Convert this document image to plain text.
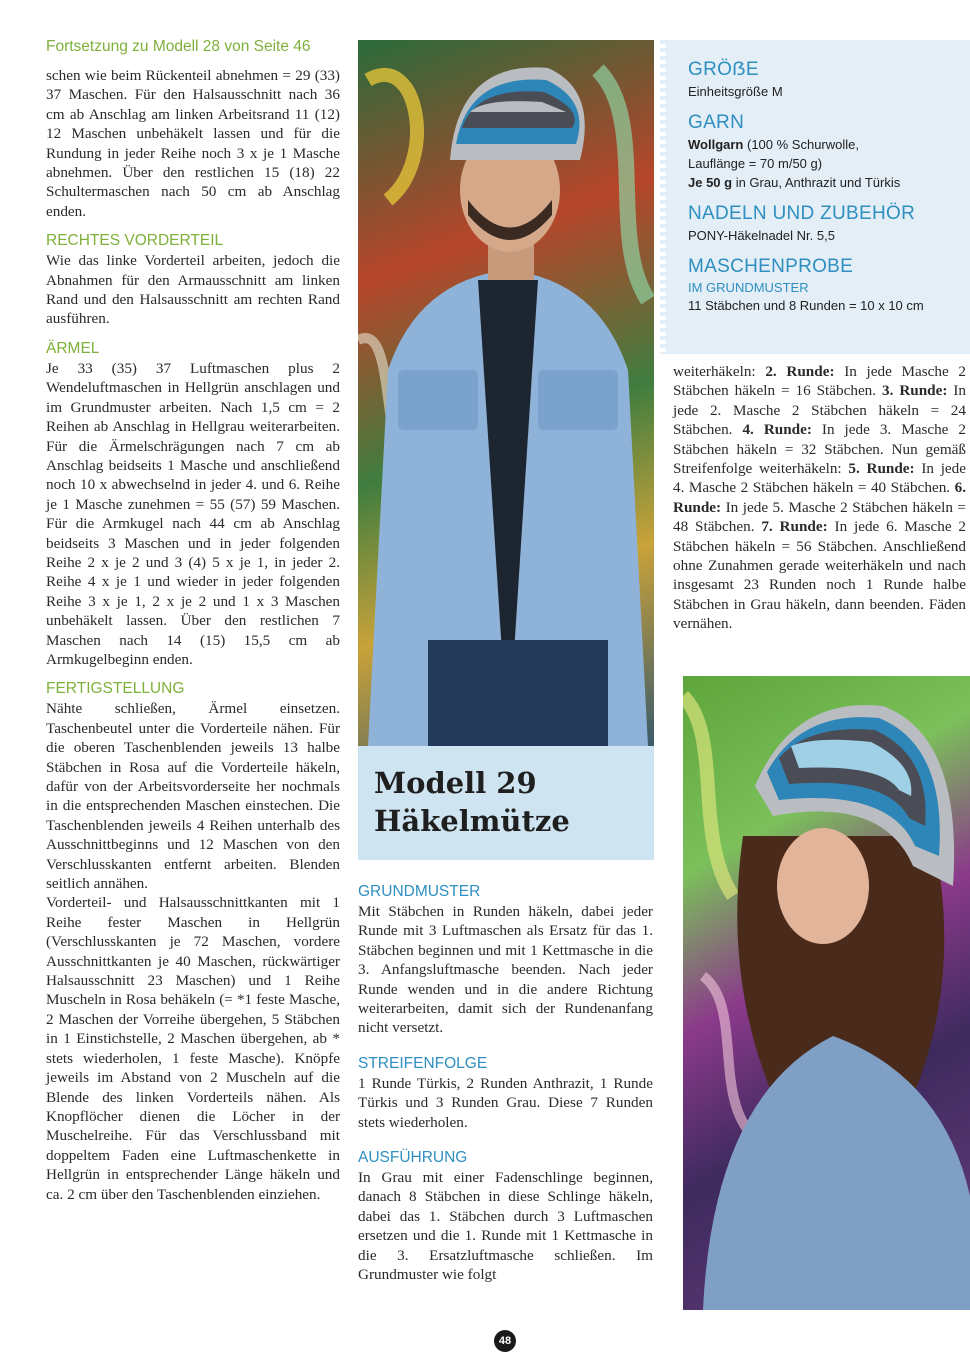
Fortsetzung zu Modell 28 von Seite 46

schen wie beim Rückenteil abnehmen = 29 (33) 37 Maschen. Für den Halsausschnitt nach 36 cm ab Anschlag am linken Arbeitsrand 11 (12) 12 Maschen unbehäkelt lassen und für die Rundung in jeder Reihe noch 3 x je 1 Masche abnehmen. Über den restlichen 15 (18) 22 Schultermaschen nach 50 cm ab Anschlag enden.

RECHTES VORDERTEIL

Wie das linke Vorderteil arbeiten, jedoch die Abnahmen für den Armausschnitt am linken Rand und den Halsausschnitt am rechten Rand ausführen.

ÄRMEL

Je 33 (35) 37 Luftmaschen plus 2 Wendeluftmaschen in Hellgrün anschlagen und im Grundmuster arbeiten. Nach 1,5 cm = 2 Reihen ab Anschlag in Hellgrau weiterarbeiten. Für die Ärmelschrägungen nach 7 cm ab Anschlag beidseits 1 Masche und anschließend noch 10 x abwechselnd in jeder 4. und 6. Reihe je 1 Masche zunehmen = 55 (57) 59 Maschen. Für die Armkugel nach 44 cm ab Anschlag beidseits 3 Maschen und in jeder folgenden Reihe 2 x je 2 und 3 (4) 5 x je 1, in jeder 2. Reihe 4 x je 1 und wieder in jeder folgenden Reihe 3 x je 1, 2 x je 2 und 1 x 3 Maschen unbehäkelt lassen. Über den restlichen 7 Maschen nach 14 (15) 15,5 cm ab Armkugelbeginn enden.

FERTIGSTELLUNG

Nähte schließen, Ärmel einsetzen. Taschenbeutel unter die Vorderteile nähen. Für die oberen Taschenblenden jeweils 13 halbe Stäbchen in Rosa auf die Vorderteile häkeln, dafür von der Arbeitsvorderseite her nochmals in die entsprechenden Maschen einstechen. Die Taschenblenden jeweils 4 Reihen unterhalb des Ausschnittbeginns und 12 Maschen von den Verschlusskanten entfernt arbeiten. Blenden seitlich annähen.

Vorderteil- und Halsausschnittkanten mit 1 Reihe fester Maschen in Hellgrün (Verschlusskanten je 72 Maschen, vordere Ausschnittkanten je 40 Maschen, rückwärtiger Halsausschnitt 23 Maschen) und 1 Reihe Muscheln in Rosa behäkeln (= *1 feste Masche, 2 Maschen der Vorreihe übergehen, 5 Stäbchen in 1 Einstichstelle, 2 Maschen übergehen, ab * stets wiederholen, 1 feste Masche). Knöpfe jeweils im Abstand von 2 Muscheln auf die Blende des linken Vorderteils nähen. Als Knopflöcher dienen die Löcher in der Muschelreihe. Für das Verschlussband mit doppeltem Faden eine Luftmaschenkette in Hellgrün in entsprechender Länge häkeln und ca. 2 cm über den Taschenblenden einziehen.

Modell 29
Häkelmütze

GRÖẞE

Einheitsgröße M

GARN

Wollgarn (100 % Schurwolle,

Lauflänge = 70 m/50 g)

Je 50 g in Grau, Anthrazit und Türkis

NADELN UND ZUBEHÖR

PONY-Häkelnadel Nr. 5,5

MASCHENPROBE

IM GRUNDMUSTER

11 Stäbchen und 8 Runden = 10 x 10 cm

GRUNDMUSTER

Mit Stäbchen in Runden häkeln, dabei jeder Runde mit 3 Luftmaschen als Ersatz für das 1. Stäbchen beginnen und mit 1 Kettmasche in die 3. Anfangsluftmasche beenden. Nach jeder Runde wenden und in die andere Richtung weiterarbeiten, damit sich der Rundenanfang nicht versetzt.

STREIFENFOLGE

1 Runde Türkis, 2 Runden Anthrazit, 1 Runde Türkis und 3 Runden Grau. Diese 7 Runden stets wiederholen.

AUSFÜHRUNG

In Grau mit einer Fadenschlinge beginnen, danach 8 Stäbchen in diese Schlinge häkeln, dabei das 1. Stäbchen durch 3 Luftmaschen ersetzen und die 1. Runde mit 1 Kettmasche in die 3. Ersatzluftmasche schließen. Im Grundmuster wie folgt

weiterhäkeln: 2. Runde: In jede Masche 2 Stäbchen häkeln = 16 Stäbchen. 3. Runde: In jede 2. Masche 2 Stäbchen häkeln = 24 Stäbchen. 4. Runde: In jede 3. Masche 2 Stäbchen häkeln = 32 Stäbchen. Nun gemäß Streifenfolge weiterhäkeln: 5. Runde: In jede 4. Masche 2 Stäbchen häkeln = 40 Stäbchen. 6. Runde: In jede 5. Masche 2 Stäbchen häkeln = 48 Stäbchen. 7. Runde: In jede 6. Masche 2 Stäbchen häkeln = 56 Stäbchen. Anschließend ohne Zunahmen gerade weiterhäkeln und nach insgesamt 23 Runden noch 1 Runde halbe Stäbchen in Grau häkeln, dann beenden. Fäden vernähen.

48
